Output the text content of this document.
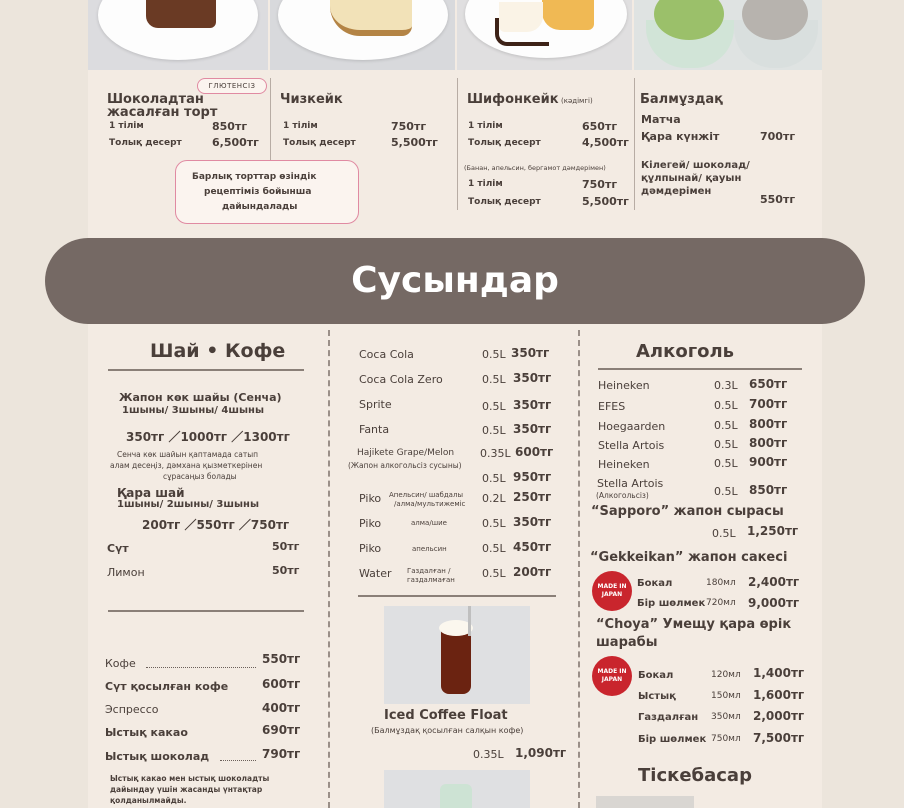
ГЛЮТЕНСІЗ
Шоколадтан
жасалған торт
1 тілім	850тг
Толық десерт	6,500тг
Барлық торттар өзіндік
рецептіміз бойынша
дайындалады
Чизкейк
1 тілім	750тг
Толық десерт	5,500тг
Шифонкейк (кәдімгі)
1 тілім	650тг
Толық десерт	4,500тг
(Банан, апельсин, бергамот дәмдерімен)
1 тілім	750тг
Толық десерт	5,500тг
Балмұздақ
Матча
Қара күнжіт	700тг
Кілегей/ шоколад/
құлпынай/ қауын
дәмдерімен
550тг
Сусындар
Шай • Кофе
Жапон көк шайы (Сенча)
1шыны/ 3шыны/ 4шыны
350тг ／1000тг ／1300тг
Сенча көк шайын қаптамада сатып
алам десеңіз, дәмхана қызметкерінен
сұрасаңыз болады
Қара шай
1шыны/ 2шыны/ 3шыны
200тг ／550тг ／750тг
Сүт	50тг
Лимон	50тг
Кофе	550тг
Сүт қосылған кофе	600тг
Эспрессо	400тг
Ыстық какао	690тг
Ыстық шоколад	790тг
Ыстық какао мен ыстық шоколадты
дайындау үшін жасанды үнтақтар
қолданылмайды.
Coca Cola	0.5L 350тг
Coca Cola Zero	0.5L 350тг
Sprite	0.5L 350тг
Fanta	0.5L 350тг
Hajikete Grape/Melon
(Жапон алкогольсіз сусыны)
0.35L 600тг
0.5L 950тг
Piko Апельсин/ шабдалы
/алма/мультижеміс 0.2L 250тг
Piko	алма/шие	0.5L 350тг
Piko	апельсин	0.5L 450тг
Water Газдалған /
газдалмаған 0.5L 200тг
Iced Coffee Float
(Балмұздақ қосылған салқын кофе)
0.35L 1,090тг
Алкоголь
Heineken	0.3L 650тг
EFES	0.5L 700тг
Hoegaarden	0.5L 800тг
Stella Artois	0.5L 800тг
Heineken	0.5L 900тг
Stella Artois
(Алкогольсіз)	0.5L 850тг
“Sapporo” жапон сырасы
0.5L 1,250тг
“Gekkeikan” жапон сакесі
MADE IN JAPAN
Бокал	180мл 2,400тг
Бір шөлмек 720мл 9,000тг
“Choya” Умещу қара өрік
шарабы
MADE IN JAPAN	Бокал	120мл 1,400тг
Ыстық	150мл 1,600тг
Газдалған 350мл 2,000тг
Бір шөлмек 750мл 7,500тг
Тіскебасар
